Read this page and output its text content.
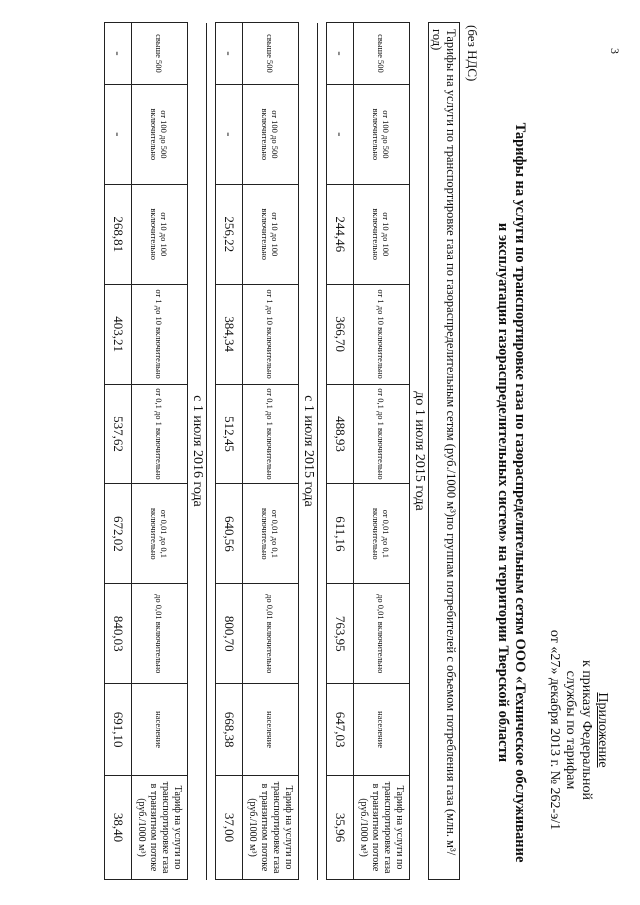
3
Приложение
к приказу Федеральной
службы по тарифам
от «27» декабря 2013 г. № 262-э/1
Тарифы на услуги по транспортировке газа по газораспределительным сетям ООО «Техническое обслуживание
и эксплуатация газораспределительных систем» на территории Тверской области
(без НДС)
Тарифы на услуги по транспортировке газа по газораспределительным сетям (руб./1000 м³)по группам потребителей с объемом потребления газа (млн. м³/год)								
до 1 июля 2015 года								
свыше 500	от 100 до 500 включительно	от 10 до 100 включительно	от 1 до 10 включительно	от 0,1 до 1 включительно	от 0,01 до 0,1 включительно	до 0,01 включительно	население	Тариф на услуги по транспортировке газа в транзитном потоке (руб./1000 м³)
-	-	244,46	366,70	488,93	611,16	763,95	647,03	35,96

с 1 июля 2015 года								
свыше 500	от 100 до 500 включительно	от 10 до 100 включительно	от 1 до 10 включительно	от 0,1 до 1 включительно	от 0,01 до 0,1 включительно	до 0,01 включительно	население	Тариф на услуги по транспортировке газа в транзитном потоке (руб./1000 м³)
-	-	256,22	384,34	512,45	640,56	800,70	668,38	37,00

с 1 июля 2016 года								
свыше 500	от 100 до 500 включительно	от 10 до 100 включительно	от 1 до 10 включительно	от 0,1 до 1 включительно	от 0,01 до 0,1 включительно	до 0,01 включительно	население	Тариф на услуги по транспортировке газа в транзитном потоке (руб./1000 м³)
-	-	268,81	403,21	537,62	672,02	840,03	691,10	38,40
